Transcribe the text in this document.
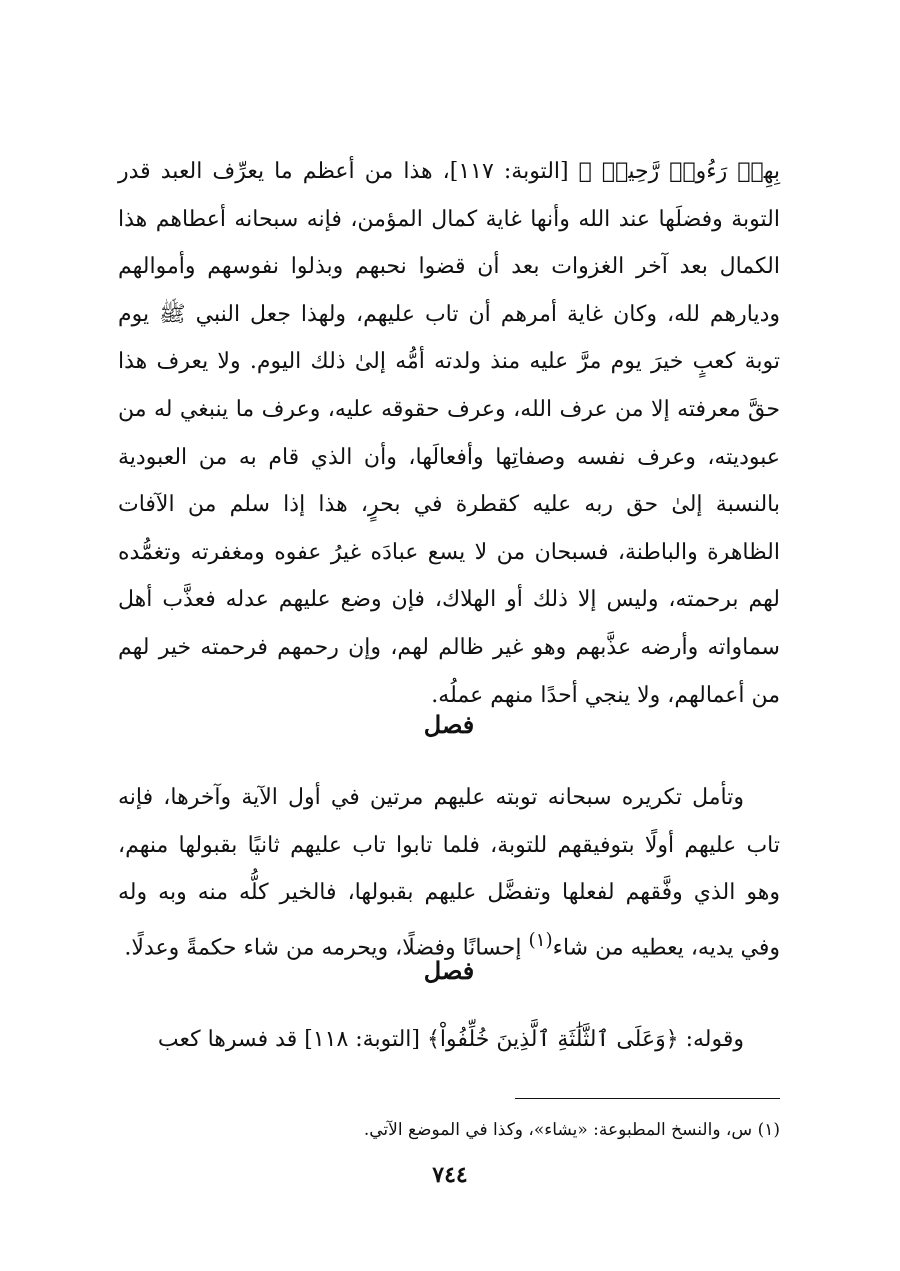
بِهِمۡ رَءُوفٞ رَّحِيمٞ ﴾ [التوبة: ١١٧]، هذا من أعظم ما يعرِّف العبد قدر التوبة وفضلَها عند الله وأنها غاية كمال المؤمن، فإنه سبحانه أعطاهم هذا الكمال بعد آخر الغزوات بعد أن قضوا نحبهم وبذلوا نفوسهم وأموالهم وديارهم لله، وكان غاية أمرهم أن تاب عليهم، ولهذا جعل النبي ﷺ يوم توبة كعبٍ خيرَ يوم مرَّ عليه منذ ولدته أمُّه إلىٰ ذلك اليوم. ولا يعرف هذا حقَّ معرفته إلا من عرف الله، وعرف حقوقه عليه، وعرف ما ينبغي له من عبوديته، وعرف نفسه وصفاتِها وأفعالَها، وأن الذي قام به من العبودية بالنسبة إلىٰ حق ربه عليه كقطرة في بحرٍ، هذا إذا سلم من الآفات الظاهرة والباطنة، فسبحان من لا يسع عبادَه غيرُ عفوه ومغفرته وتغمُّده لهم برحمته، وليس إلا ذلك أو الهلاك، فإن وضع عليهم عدله فعذَّب أهل سماواته وأرضه عذَّبهم وهو غير ظالم لهم، وإن رحمهم فرحمته خير لهم من أعمالهم، ولا ينجي أحدًا منهم عملُه.

فصل

وتأمل تكريره سبحانه توبته عليهم مرتين في أول الآية وآخرها، فإنه تاب عليهم أولًا بتوفيقهم للتوبة، فلما تابوا تاب عليهم ثانيًا بقبولها منهم، وهو الذي وفَّقهم لفعلها وتفضَّل عليهم بقبولها، فالخير كلُّه منه وبه وله وفي يديه، يعطيه من شاء$^{(١)}$ إحسانًا وفضلًا، ويحرمه من شاء حكمةً وعدلًا.

فصل

وقوله: ﴿وَعَلَى ٱلثَّلَٰثَةِ ٱلَّذِينَ خُلِّفُواْ﴾ [التوبة: ١١٨] قد فسرها كعب

(١) س، والنسخ المطبوعة: «يشاء»، وكذا في الموضع الآتي.
٧٤٤
